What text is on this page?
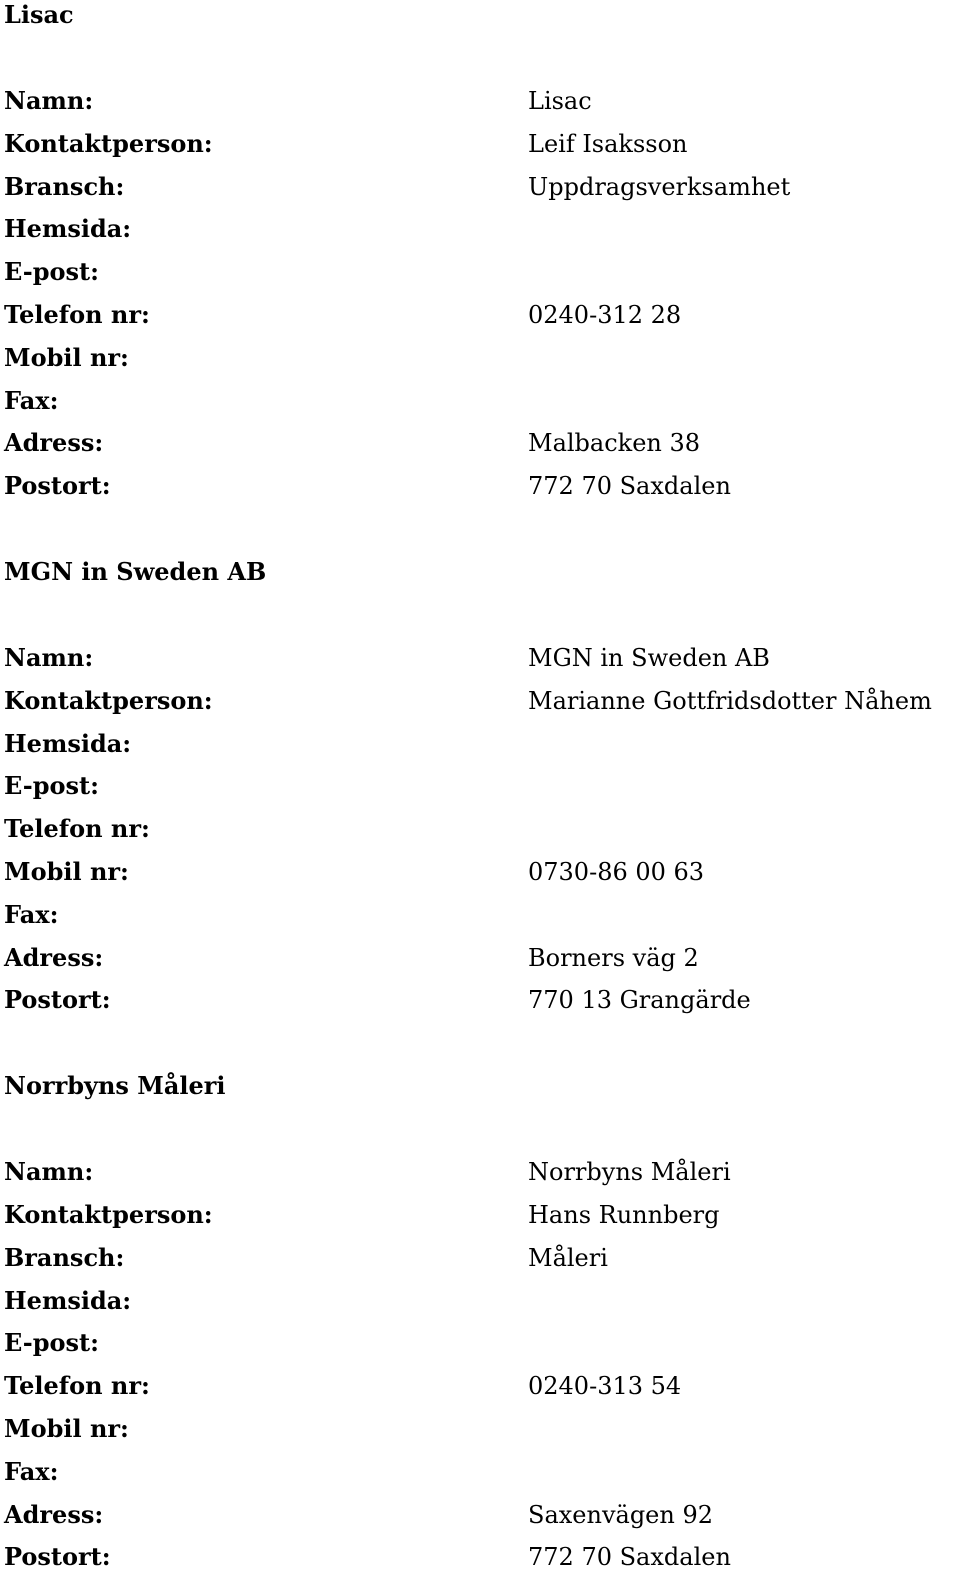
Lisac
Namn:	Lisac
Kontaktperson:	Leif Isaksson
Bransch:	Uppdragsverksamhet
Hemsida:
E-post:
Telefon nr:	0240-312 28
Mobil nr:
Fax:
Adress:	Malbacken 38
Postort:	772 70 Saxdalen
MGN in Sweden AB
Namn:	MGN in Sweden AB
Kontaktperson:	Marianne Gottfridsdotter Nåhem
Hemsida:
E-post:
Telefon nr:
Mobil nr:	0730-86 00 63
Fax:
Adress:	Borners väg 2
Postort:	770 13 Grangärde
Norrbyns Måleri
Namn:	Norrbyns Måleri
Kontaktperson:	Hans Runnberg
Bransch:	Måleri
Hemsida:
E-post:
Telefon nr:	0240-313 54
Mobil nr:
Fax:
Adress:	Saxenvägen 92
Postort:	772 70 Saxdalen
